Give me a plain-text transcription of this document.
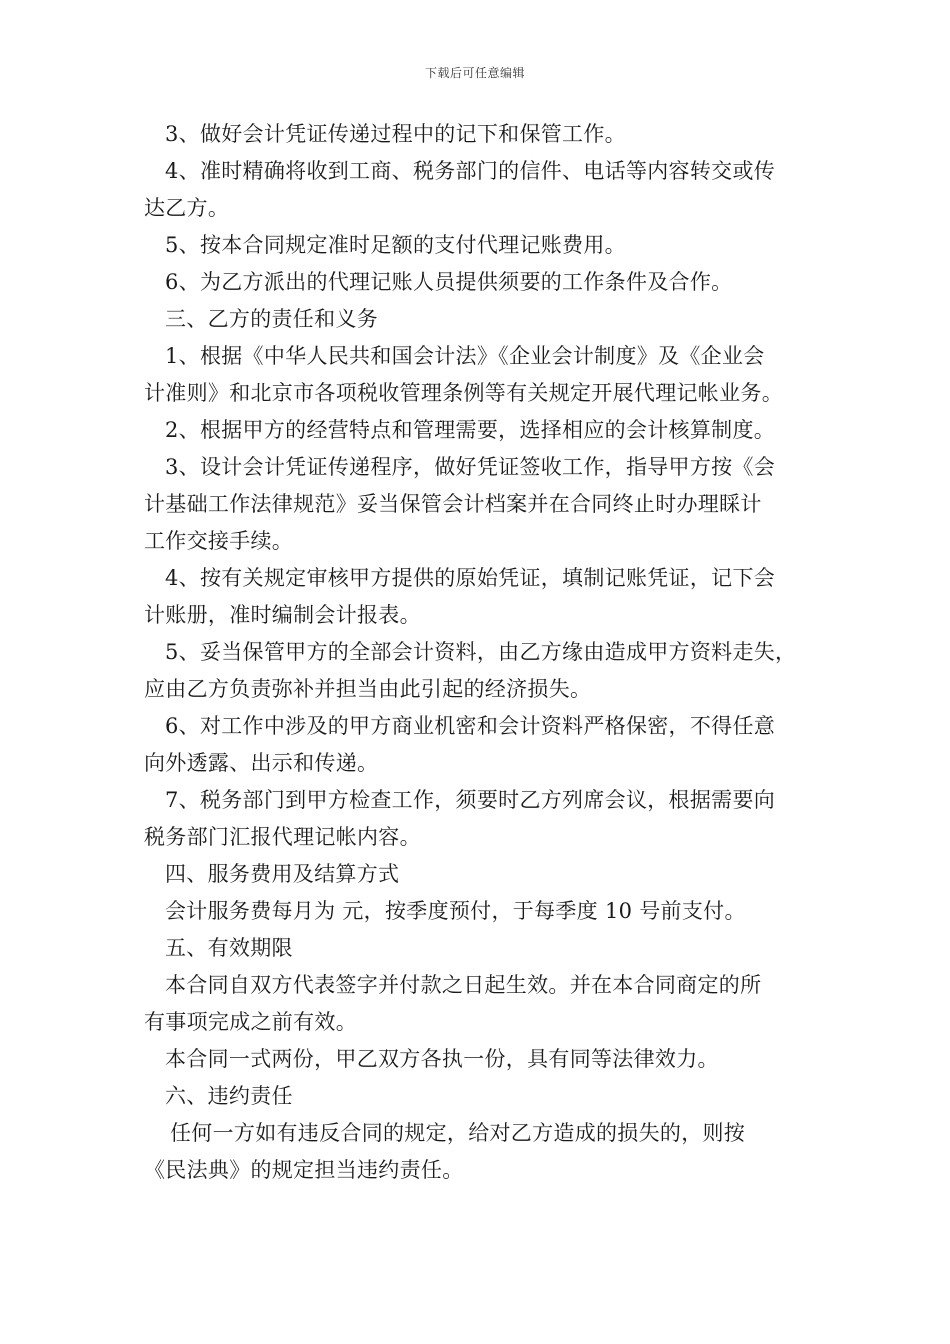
下载后可任意编辑
3、做好会计凭证传递过程中的记下和保管工作。
4、准时精确将收到工商、税务部门的信件、电话等内容转交或传
达乙方。
5、按本合同规定准时足额的支付代理记账费用。
6、为乙方派出的代理记账人员提供须要的工作条件及合作。
三、乙方的责任和义务
1、根据《中华人民共和国会计法》《企业会计制度》及《企业会
计准则》和北京市各项税收管理条例等有关规定开展代理记帐业务。
2、根据甲方的经营特点和管理需要，选择相应的会计核算制度。
3、设计会计凭证传递程序，做好凭证签收工作，指导甲方按《会
计基础工作法律规范》妥当保管会计档案并在合同终止时办理睬计
工作交接手续。
4、按有关规定审核甲方提供的原始凭证，填制记账凭证，记下会
计账册，准时编制会计报表。
5、妥当保管甲方的全部会计资料，由乙方缘由造成甲方资料走失，
应由乙方负责弥补并担当由此引起的经济损失。
6、对工作中涉及的甲方商业机密和会计资料严格保密，不得任意
向外透露、出示和传递。
7、税务部门到甲方检查工作，须要时乙方列席会议，根据需要向
税务部门汇报代理记帐内容。
四、服务费用及结算方式
会计服务费每月为 元，按季度预付，于每季度 10 号前支付。
五、有效期限
本合同自双方代表签字并付款之日起生效。并在本合同商定的所
有事项完成之前有效。
本合同一式两份，甲乙双方各执一份，具有同等法律效力。
六、违约责任
任何一方如有违反合同的规定，给对乙方造成的损失的，则按
《民法典》的规定担当违约责任。
